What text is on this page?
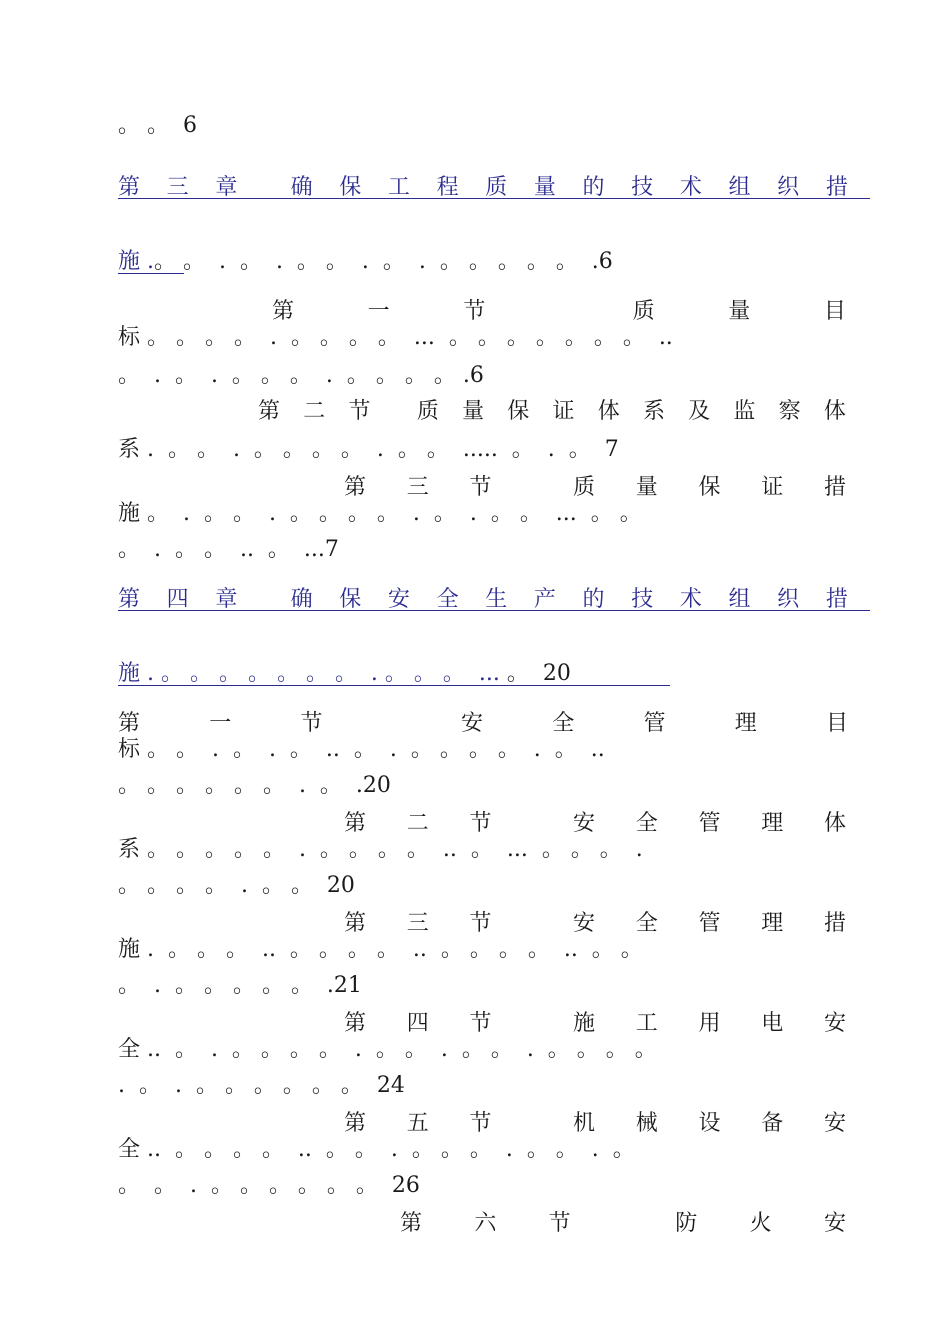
。 。  6
第 三 章 确 保 工 程 质 量 的 技 术 组 织 措
施 .。 。  .  。  .  。 。  .  。  .  。 。 。 。 。  .6
第	一	节	质	量	目
标 。 。 。 。  .  。 。 。 。  ...  。 。 。 。 。 。 。  ..
。  .  。  .  。 。 。  .  。 。 。 。 .6
第 二 节 质 量 保 证 体 系 及 监 察 体
系 .  。 。  .  。 。 。 。  .  。 。  .....  。  .  。  7
第 三 节	质 量 保 证 措
施 。  .  。 。  .  。 。 。 。  .  。  .  。 。  ...  。 。
。  .  。 。  ..  。  ...7
第 四 章 确 保 安 全 生 产 的 技 术 组 织 措
施 . 。 。 。 。 。 。 。  . 。 。 。  ... 。  20
第	一	节	安	全	管	理	目
标 。 。  .  。  .  。  ..  。  .  。 。 。 。  .  。  ..
。 。 。 。 。 。  .  。  .20
第 二 节	安 全 管 理 体
系 。 。 。 。 。  .  。 。 。 。  ..  。  ...  。 。 。  .
。 。 。 。  .  。 。  20
第 三 节	安 全 管 理 措
施 .  。 。 。  ..  。 。 。 。  ..  。 。 。 。  ..  。 。
。  .  。 。 。 。 。  .21
第 四 节	施 工 用 电 安
全 ..  。  .  。 。 。 。  .  。 。  .  。 。  .  。 。 。 。
.  。  .  。 。 。 。 。 。  24
第 五 节	机 械 设 备 安
全 ..  。 。 。 。  ..  。 。  .  。 。 。  .  。 。  .  。
。  。  .  。 。 。 。 。 。  26
第 六 节	防 火 安
